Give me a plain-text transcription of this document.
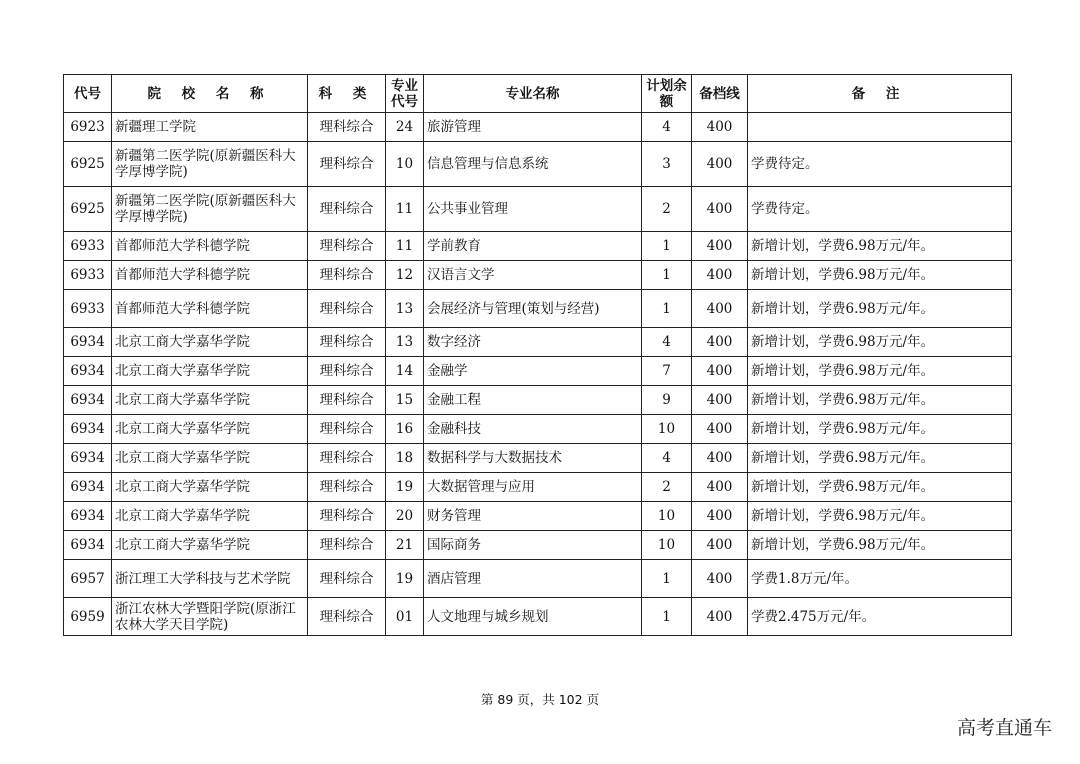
代号	院 校 名 称	科 类	专业代号	专业名称	计划余额	备档线	备 注
6923	新疆理工学院	理科综合	24	旅游管理	4	400	
6925	新疆第二医学院(原新疆医科大学厚博学院)	理科综合	10	信息管理与信息系统	3	400	学费待定。
6925	新疆第二医学院(原新疆医科大学厚博学院)	理科综合	11	公共事业管理	2	400	学费待定。
6933	首都师范大学科德学院	理科综合	11	学前教育	1	400	新增计划，学费6.98万元/年。
6933	首都师范大学科德学院	理科综合	12	汉语言文学	1	400	新增计划，学费6.98万元/年。
6933	首都师范大学科德学院	理科综合	13	会展经济与管理(策划与经营)	1	400	新增计划，学费6.98万元/年。
6934	北京工商大学嘉华学院	理科综合	13	数字经济	4	400	新增计划，学费6.98万元/年。
6934	北京工商大学嘉华学院	理科综合	14	金融学	7	400	新增计划，学费6.98万元/年。
6934	北京工商大学嘉华学院	理科综合	15	金融工程	9	400	新增计划，学费6.98万元/年。
6934	北京工商大学嘉华学院	理科综合	16	金融科技	10	400	新增计划，学费6.98万元/年。
6934	北京工商大学嘉华学院	理科综合	18	数据科学与大数据技术	4	400	新增计划，学费6.98万元/年。
6934	北京工商大学嘉华学院	理科综合	19	大数据管理与应用	2	400	新增计划，学费6.98万元/年。
6934	北京工商大学嘉华学院	理科综合	20	财务管理	10	400	新增计划，学费6.98万元/年。
6934	北京工商大学嘉华学院	理科综合	21	国际商务	10	400	新增计划，学费6.98万元/年。
6957	浙江理工大学科技与艺术学院	理科综合	19	酒店管理	1	400	学费1.8万元/年。
6959	浙江农林大学暨阳学院(原浙江农林大学天目学院)	理科综合	01	人文地理与城乡规划	1	400	学费2.475万元/年。
第 89 页，共 102 页
高考直通车
